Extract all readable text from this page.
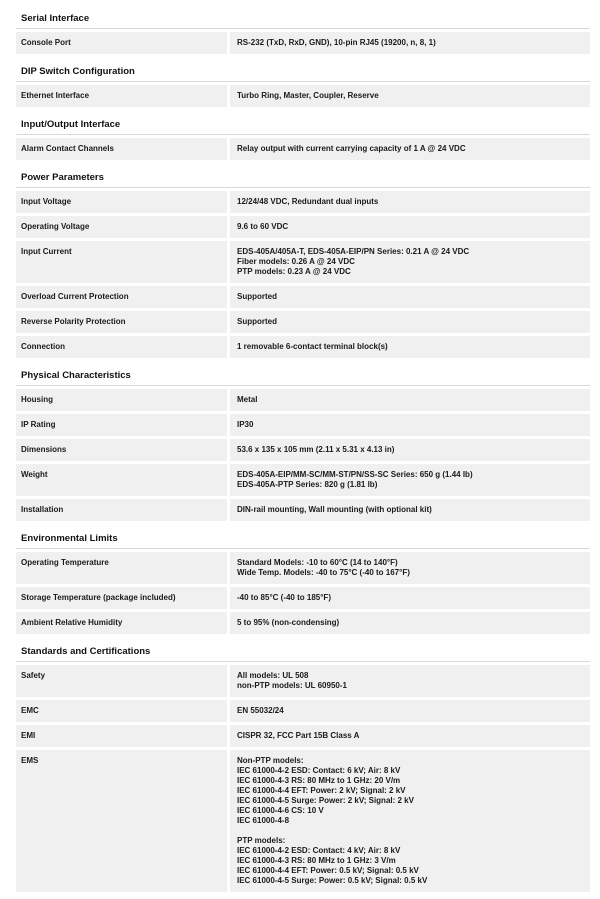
Serial Interface
Console Port	RS-232 (TxD, RxD, GND), 10-pin RJ45 (19200, n, 8, 1)
DIP Switch Configuration
Ethernet Interface	Turbo Ring, Master, Coupler, Reserve
Input/Output Interface
Alarm Contact Channels	Relay output with current carrying capacity of 1 A @ 24 VDC
Power Parameters
Input Voltage	12/24/48 VDC, Redundant dual inputs
Operating Voltage	9.6 to 60 VDC
Input Current	EDS-405A/405A-T, EDS-405A-EIP/PN Series: 0.21 A @ 24 VDC
Fiber models: 0.26 A @ 24 VDC
PTP models: 0.23 A @ 24 VDC
Overload Current Protection	Supported
Reverse Polarity Protection	Supported
Connection	1 removable 6-contact terminal block(s)
Physical Characteristics
Housing	Metal
IP Rating	IP30
Dimensions	53.6 x 135 x 105 mm (2.11 x 5.31 x 4.13 in)
Weight	EDS-405A-EIP/MM-SC/MM-ST/PN/SS-SC Series: 650 g (1.44 lb)
EDS-405A-PTP Series: 820 g (1.81 lb)
Installation	DIN-rail mounting, Wall mounting (with optional kit)
Environmental Limits
Operating Temperature	Standard Models: -10 to 60°C (14 to 140°F)
Wide Temp. Models: -40 to 75°C (-40 to 167°F)
Storage Temperature (package included)	-40 to 85°C (-40 to 185°F)
Ambient Relative Humidity	5 to 95% (non-condensing)
Standards and Certifications
Safety	All models: UL 508
non-PTP models: UL 60950-1
EMC	EN 55032/24
EMI	CISPR 32, FCC Part 15B Class A
EMS	Non-PTP models:
IEC 61000-4-2 ESD: Contact: 6 kV; Air: 8 kV
IEC 61000-4-3 RS: 80 MHz to 1 GHz: 20 V/m
IEC 61000-4-4 EFT: Power: 2 kV; Signal: 2 kV
IEC 61000-4-5 Surge: Power: 2 kV; Signal: 2 kV
IEC 61000-4-6 CS: 10 V
IEC 61000-4-8
PTP models:
IEC 61000-4-2 ESD: Contact: 4 kV; Air: 8 kV
IEC 61000-4-3 RS: 80 MHz to 1 GHz: 3 V/m
IEC 61000-4-4 EFT: Power: 0.5 kV; Signal: 0.5 kV
IEC 61000-4-5 Surge: Power: 0.5 kV; Signal: 0.5 kV
